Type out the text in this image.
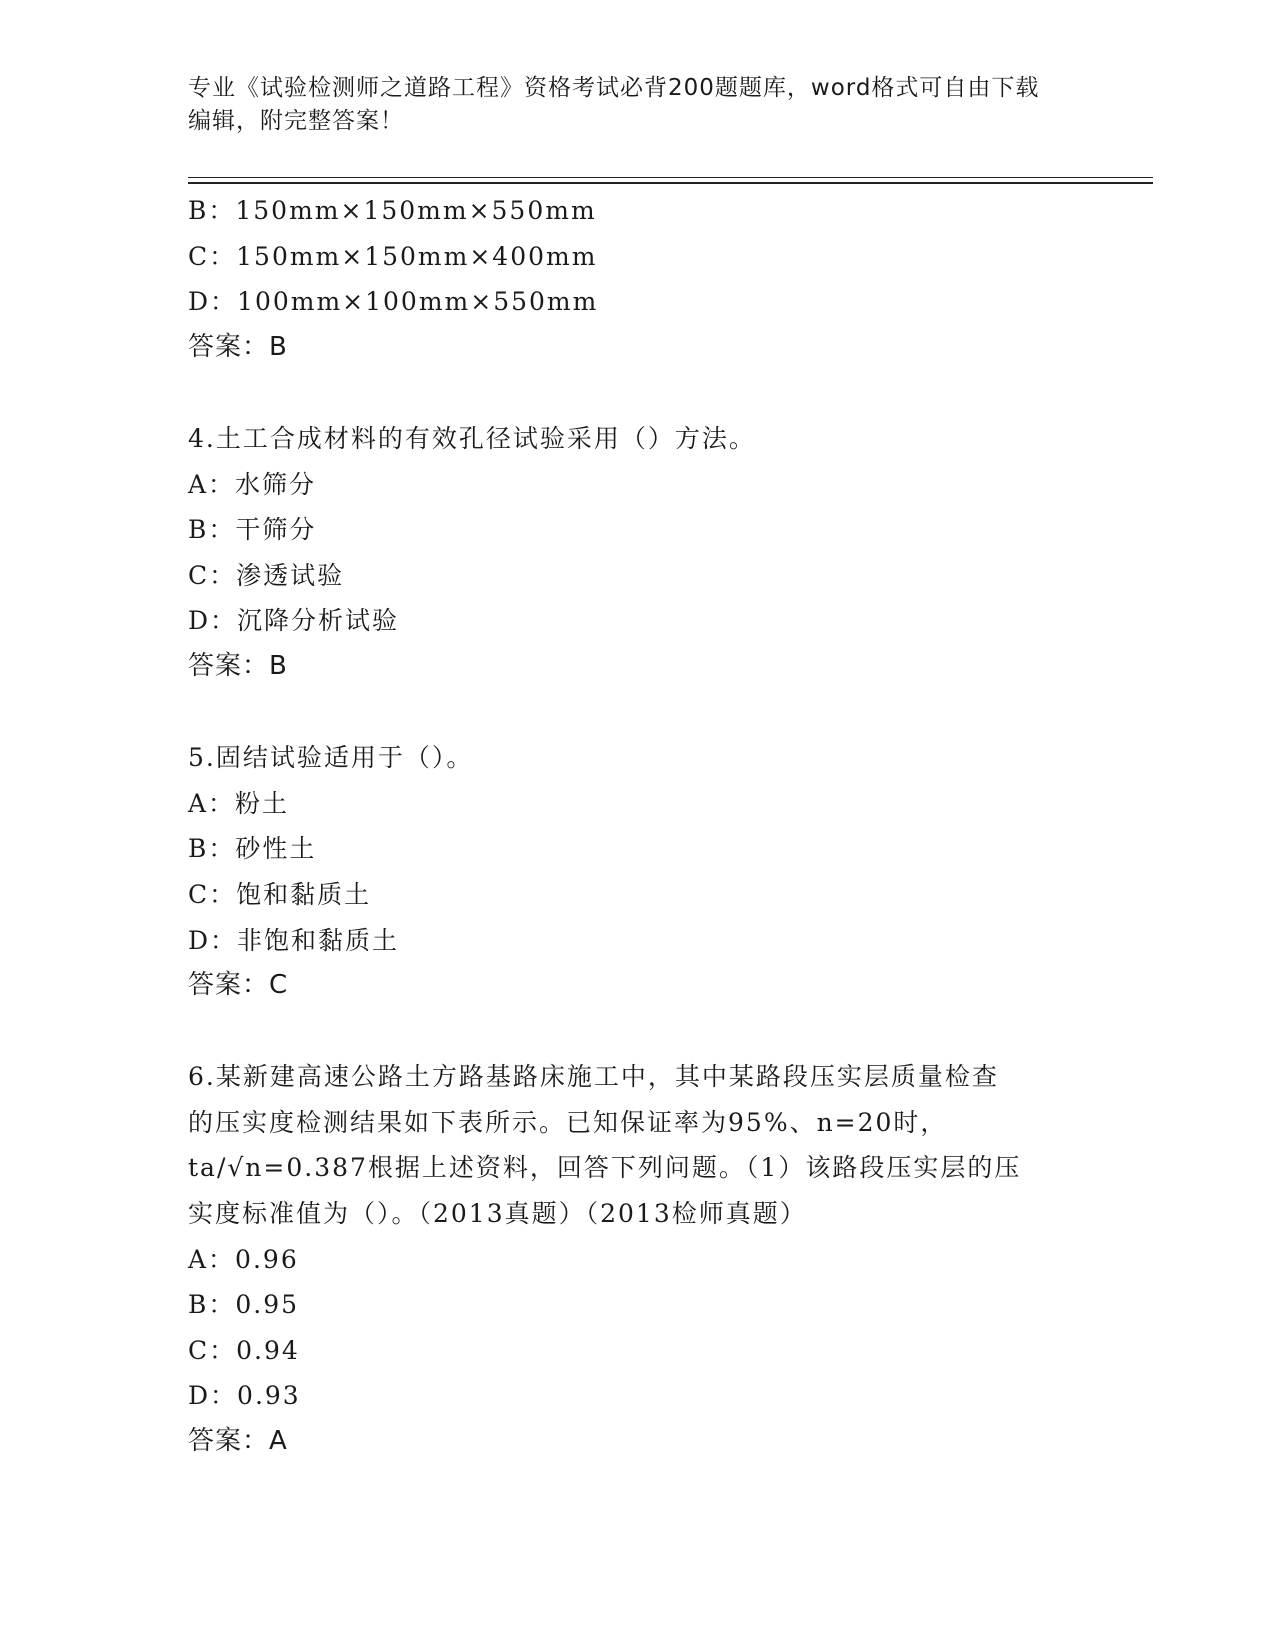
专业《试验检测师之道路工程》资格考试必背200题题库，word格式可自由下载
编辑，附完整答案！
B：150mm×150mm×550mm
C：150mm×150mm×400mm
D：100mm×100mm×550mm
答案：B
4.土工合成材料的有效孔径试验采用（）方法。
A：水筛分
B：干筛分
C：渗透试验
D：沉降分析试验
答案：B
5.固结试验适用于（）。
A：粉土
B：砂性土
C：饱和黏质土
D：非饱和黏质土
答案：C
6.某新建高速公路土方路基路床施工中，其中某路段压实层质量检查
的压实度检测结果如下表所示。已知保证率为95%、n=20时，
ta/√n=0.387根据上述资料，回答下列问题。（1）该路段压实层的压
实度标准值为（）。（2013真题）（2013检师真题）
A：0.96
B：0.95
C：0.94
D：0.93
答案：A
